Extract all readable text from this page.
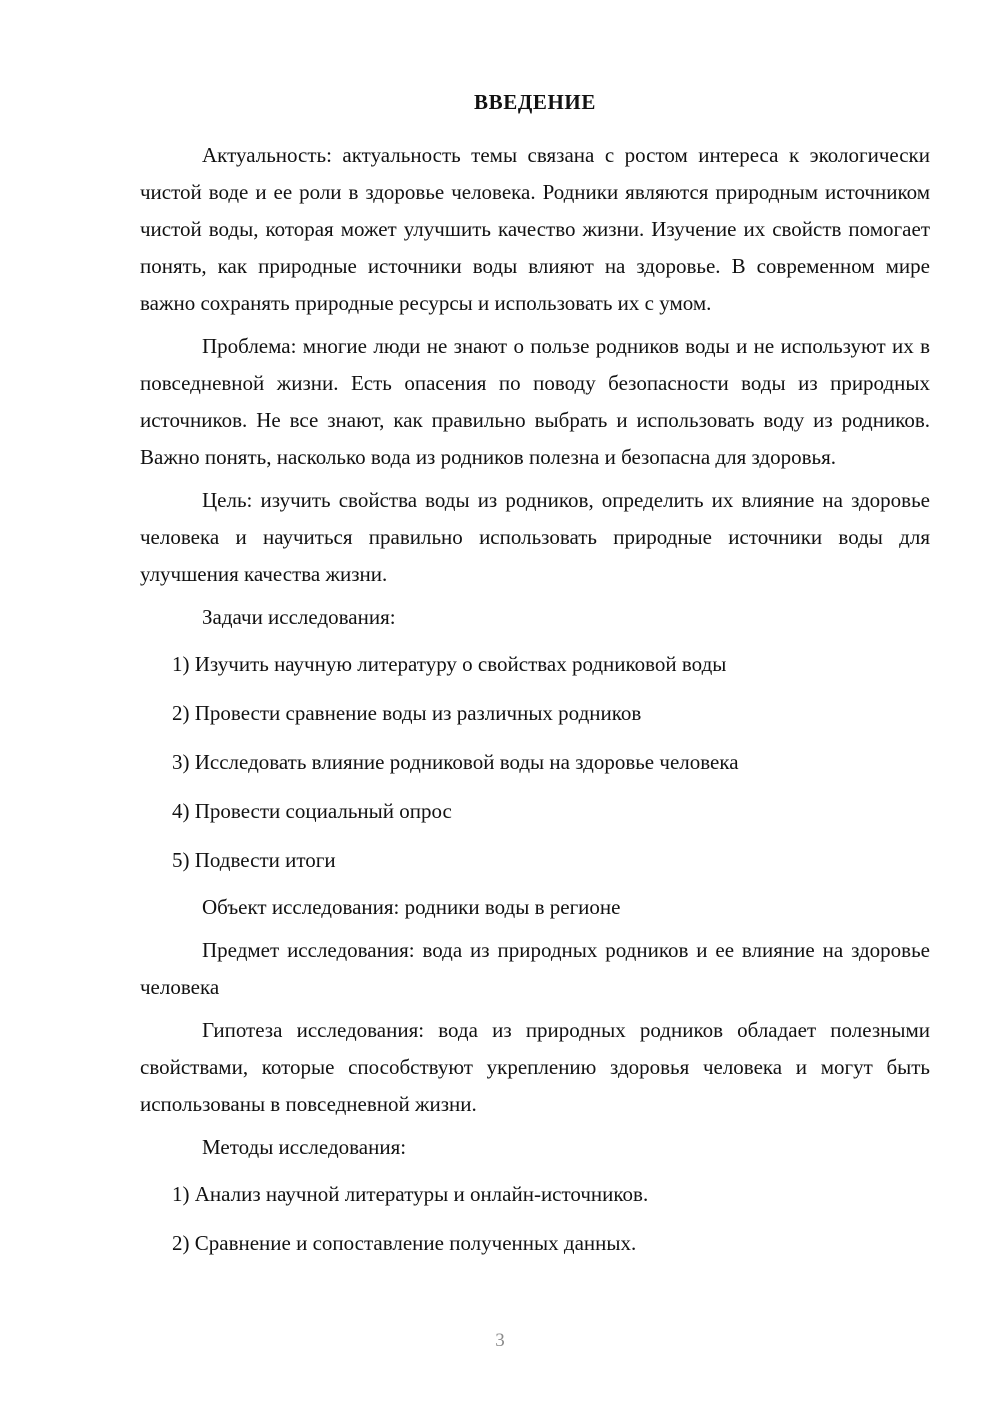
ВВЕДЕНИЕ

Актуальность: актуальность темы связана с ростом интереса к экологически чистой воде и ее роли в здоровье человека. Родники являются природным источником чистой воды, которая может улучшить качество жизни. Изучение их свойств помогает понять, как природные источники воды влияют на здоровье. В современном мире важно сохранять природные ресурсы и использовать их с умом.

Проблема: многие люди не знают о пользе родников воды и не используют их в повседневной жизни. Есть опасения по поводу безопасности воды из природных источников. Не все знают, как правильно выбрать и использовать воду из родников. Важно понять, насколько вода из родников полезна и безопасна для здоровья.

Цель: изучить свойства воды из родников, определить их влияние на здоровье человека и научиться правильно использовать природные источники воды для улучшения качества жизни.

Задачи исследования:

1) Изучить научную литературу о свойствах родниковой воды

2) Провести сравнение воды из различных родников

3) Исследовать влияние родниковой воды на здоровье человека

4) Провести социальный опрос

5) Подвести итоги

Объект исследования: родники воды в регионе

Предмет исследования: вода из природных родников и ее влияние на здоровье человека

Гипотеза исследования: вода из природных родников обладает полезными свойствами, которые способствуют укреплению здоровья человека и могут быть использованы в повседневной жизни.

Методы исследования:

1) Анализ научной литературы и онлайн-источников.

2) Сравнение и сопоставление полученных данных.

3
